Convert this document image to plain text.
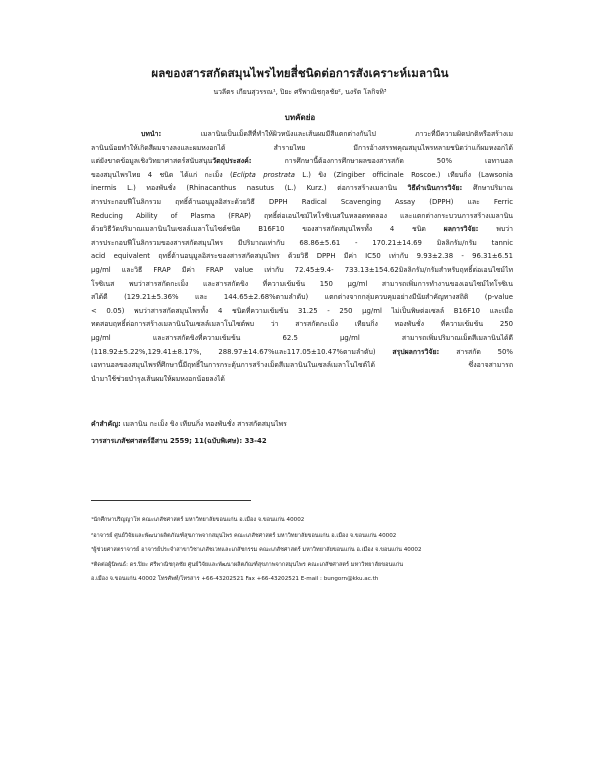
ผลของสารสกัดสมุนไพรไทยสี่ชนิดต่อการสังเคราะห์เมลานิน
นวลีตร เกียนสุวรรณ¹, ปิยะ ศรีพาณิชกุลชัย², นงรัต โลกิจทิ³
บทคัดย่อ
บทนำ: เมลานินเป็นเม็ดสีที่ทำให้ผิวหนังและเส้นผมมีสีแตกต่างกันไป ภาวะที่มีความผิดปกติหรือสร้างเม
ลานินน้อยทำให้เกิดสีผมจางลงและผมหงอกได้ สำรายไทย มีการอ้างสรรพคุณสมุนไพรหลายชนิดว่าแก้ผมหงอกได้
แต่ยังขาดข้อมูลเชิงวิทยาศาสตร์สนับสนุนวัตถุประสงค์: การศึกษานี้ต้องการศึกษาผลของสารสกัด 50% เอทานอล
ของสมุนไพรไทย 4 ชนิด ได้แก่ กะเม็ง (Eclipta prostrata L.) ขิง (Zingiber officinale Roscoe.) เทียนกิ่ง (Lawsonia
inermis L.) ทองพันชั่ง (Rhinacanthus nasutus (L.) Kurz.) ต่อการสร้างเมลานิน วิธีดำเนินการวิจัย: ศึกษาปริมาณ
สารประกอบฟีโนลิกรวม ฤทธิ์ต้านอนุมูลอิสระด้วยวิธี DPPH Radical Scavenging Assay (DPPH) และ Ferric
Reducing Ability of Plasma (FRAP) ฤทธิ์ต่อเอนไซม์ไทโรซิเนสในหลอดทดลอง และแตกต่างกระบวนการสร้างเมลานิน
ด้วยวิธีวัดปริมาณเมลานินในเซลล์เมลาโนไซต์ชนิด B16F10 ของสารสกัดสมุนไพรทั้ง 4 ชนิด ผลการวิจัย: พบว่า
สารประกอบฟีโนลิกรวมของสารสกัดสมุนไพร มีปริมาณเท่ากับ 68.86±5.61 - 170.21±14.69 มิลลิกรัม/กรัม tannic
acid equivalent ฤทธิ์ต้านอนุมูลอิสระของสารสกัดสมุนไพร ด้วยวิธี DPPH มีค่า IC50 เท่ากับ 9.93±2.38 - 96.31±6.51
µg/ml และวิธี FRAP มีค่า FRAP value เท่ากับ 72.45±9.4- 733.13±154.62มิลลิกรัม/กรัมสำหรับฤทธิ์ต่อเอนไซม์ไท
โรซิเนส พบว่าสารสกัดกะเม็ง และสารสกัดขิง ที่ความเข้มข้น 150 µg/ml สามารถเพิ่มการทำงานของเอนไซม์ไทโรซิเน
สได้ดี (129.21±5.36% และ 144.65±2.68%ตามลำดับ) แตกต่างจากกลุ่มควบคุมอย่างมีนัยสำคัญทางสถิติ (p-value
< 0.05) พบว่าสารสกัดสมุนไพรทั้ง 4 ชนิดที่ความเข้มข้น 31.25 - 250 µg/ml ไม่เป็นพิษต่อเซลล์ B16F10 และเมื่อ
ทดสอบฤทธิ์ต่อการสร้างเมลานินในเซลล์เมลาโนไซต์พบ ว่า สารสกัดกะเม็ง เทียนกิ่ง ทองพันชั่ง ที่ความเข้มข้น 250
µg/ml และสารสกัดขิงที่ความเข้มข้น 62.5 µg/ml สามารถเพิ่มปริมาณเม็ดสีเมลานินได้ดี
(118.92±5.22%,129.41±8.17%, 288.97±14.67%และ117.05±10.47%ตามลำดับ) สรุปผลการวิจัย: สารสกัด 50%
เอทานอลของสมุนไพรที่ศึกษานี้มีฤทธิ์ในการกระตุ้นการสร้างเม็ดสีเมลานินในเซลล์เมลาโนไซต์ได้ ซึ่งอาจสามารถ
นำมาใช้ช่วยบำรุงเส้นผมให้ผมหงอกน้อยลงได้
คำสำคัญ: เมลานิน กะเม็ง ขิง เทียนกิ่ง ทองพันชั่ง สารสกัดสมุนไพร
วารสารเภสัชศาสตร์อีสาน 2559; 11(ฉบับพิเศษ): 33-42
¹นักศึกษาปริญญาโท คณะเภสัชศาสตร์ มหาวิทยาลัยขอนแก่น อ.เมือง จ.ขอนแก่น 40002
²อาจารย์ ศูนย์วิจัยและพัฒนาผลิตภัณฑ์สุขภาพจากสมุนไพร คณะเภสัชศาสตร์ มหาวิทยาลัยขอนแก่น อ.เมือง จ.ขอนแก่น 40002
³ผู้ช่วยศาสตราจารย์ อาจารย์ประจำสาขาวิชาเภสัชเวทและเภสัชกรรม คณะเภสัชศาสตร์ มหาวิทยาลัยขอนแก่น อ.เมือง จ.ขอนแก่น 40002
*ติดต่อผู้นิพนธ์: ดร.ปิยะ ศรีพาณิชกุลชัย ศูนย์วิจัยและพัฒนาผลิตภัณฑ์สุขภาพจากสมุนไพร คณะเภสัชศาสตร์ มหาวิทยาลัยขอนแก่น
อ.เมือง จ.ขอนแก่น 40002 โทรศัพท์/โทรสาร +66-43202521 Fax +66-43202521 E-mail : bungorn@kku.ac.th
